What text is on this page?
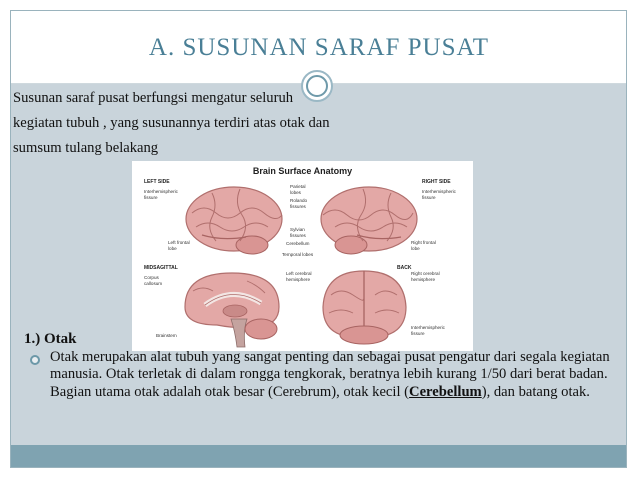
A. SUSUNAN SARAF PUSAT
Susunan saraf pusat berfungsi mengatur seluruh
kegiatan tubuh , yang susunannya terdiri atas otak dan
sumsum tulang belakang
Brain Surface Anatomy
LEFT SIDE	RIGHT SIDE
MIDSAGITTAL	BACK
Interhemispheric
fissure
Parietal
lobes
Rolando
fissures
Interhemispheric
fissure
Left frontal
lobe
Sylvian
fissures
Cerebellum	Right frontal
lobe
Temporal lobes
Corpus
callosum
Left cerebral
hemisphere
Right cerebral
hemisphere
Brainstem
Interhemispheric
fissure
1.) Otak
Otak merupakan alat tubuh yang sangat penting dan sebagai pusat pengatur dari segala kegiatan manusia. Otak terletak di dalam rongga tengkorak, beratnya lebih kurang 1/50 dari berat badan. Bagian utama otak adalah otak besar (Cerebrum), otak kecil (Cerebellum), dan batang otak.
